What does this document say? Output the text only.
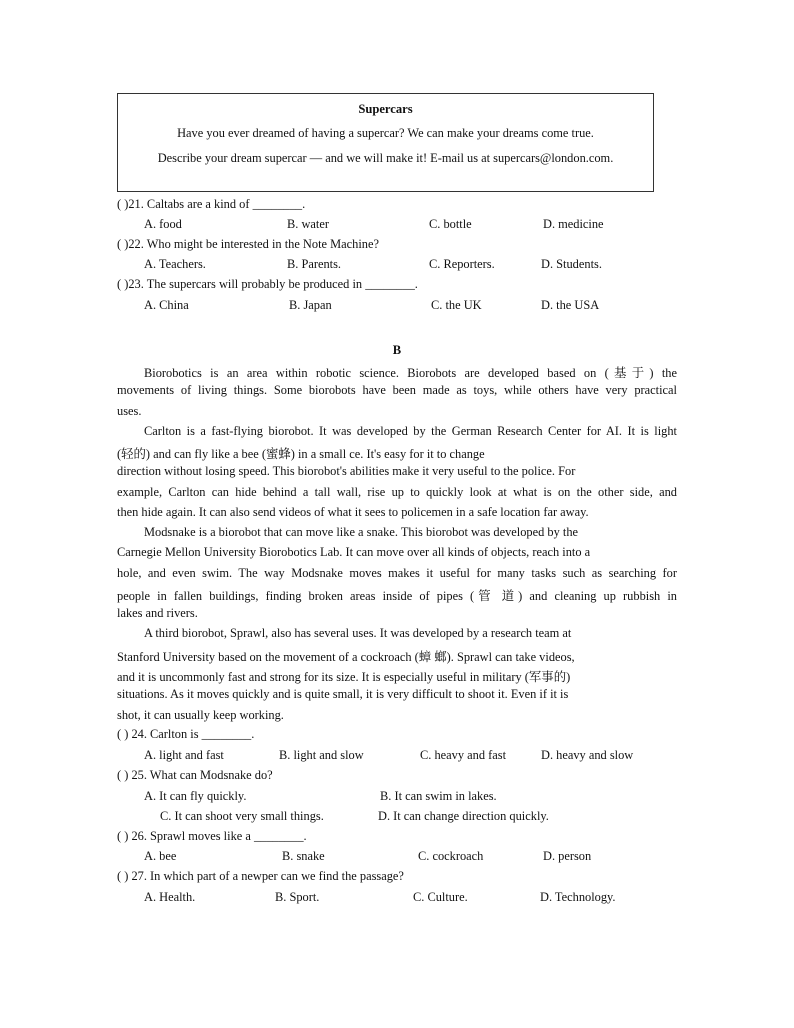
Supercars
Have you ever dreamed of having a supercar? We can make your dreams come true.
Describe your dream supercar — and we will make it! E-mail us at supercars@london.com.
( )21. Caltabs are a kind of ________.
A. food	B. water	C. bottle	D. medicine
( )22. Who might be interested in the Note Machine?
A. Teachers.	B. Parents.	C. Reporters.	D. Students.
( )23. The supercars will probably be produced in ________.
A. China	B. Japan	C. the UK	D. the USA
B
Biorobotics is an area within robotic science. Biorobots are developed based on (基于) the
movements of living things. Some biorobots have been made as toys, while others have very practical
uses.
Carlton is a fast-flying biorobot. It was developed by the German Research Center for AI. It is light
(轻的) and can fly like a bee (蜜蜂) in a small ce. It's easy for it to change
direction without losing speed. This biorobot's abilities make it very useful to the police. For
example, Carlton can hide behind a tall wall, rise up to quickly look at what is on the other side, and
then hide again. It can also send videos of what it sees to policemen in a safe location far away.
Modsnake is a biorobot that can move like a snake. This biorobot was developed by the
Carnegie Mellon University Biorobotics Lab. It can move over all kinds of objects, reach into a
hole, and even swim. The way Modsnake moves makes it useful for many tasks such as searching for
people in fallen buildings, finding broken areas inside of pipes (管 道) and cleaning up rubbish in
lakes and rivers.
A third biorobot, Sprawl, also has several uses. It was developed by a research team at
Stanford University based on the movement of a cockroach (蟑 螂). Sprawl can take videos,
and it is uncommonly fast and strong for its size. It is especially useful in military (军事的)
situations. As it moves quickly and is quite small, it is very difficult to shoot it. Even if it is
shot, it can usually keep working.
( ) 24. Carlton is ________.
A. light and fast	B. light and slow	C. heavy and fast	D. heavy and slow
( ) 25. What can Modsnake do?
A. It can fly quickly.	B. It can swim in lakes.
C. It can shoot very small things.	D. It can change direction quickly.
( ) 26. Sprawl moves like a ________.
A. bee	B. snake	C. cockroach	D. person
( ) 27. In which part of a newper can we find the passage?
A. Health.	B. Sport.	C. Culture.	D. Technology.
